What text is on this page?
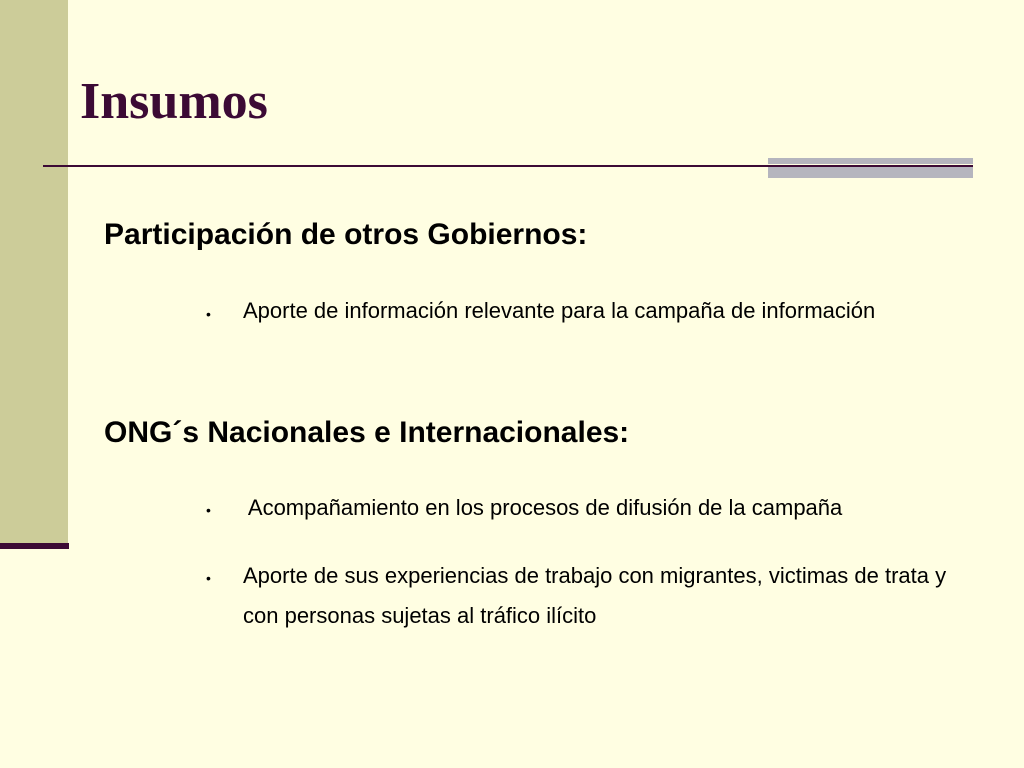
Insumos
Participación de otros Gobiernos:
• Aporte de información relevante para la campaña de información

ONG´s Nacionales e Internacionales:
• Acompañamiento en los procesos de difusión de la campaña

• Aporte de sus experiencias de trabajo con migrantes, victimas de trata y con personas sujetas al tráfico ilícito
